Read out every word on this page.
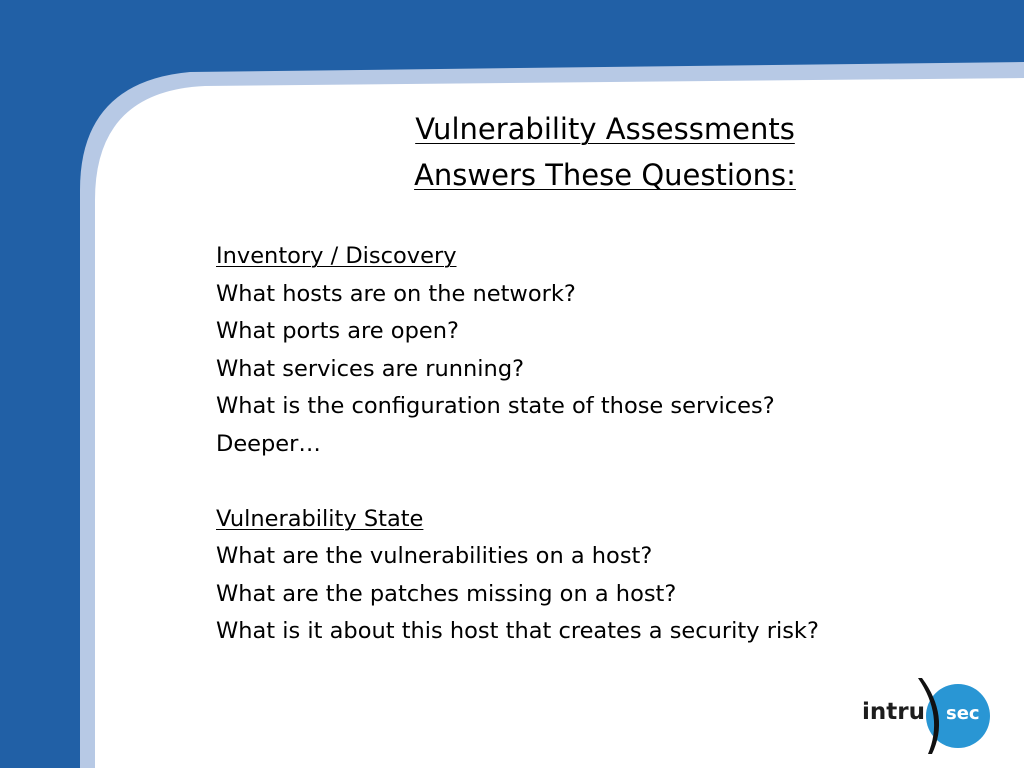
Vulnerability Assessments
Answers These Questions:
Inventory / Discovery
What hosts are on the network?
What ports are open?
What services are running?
What is the configuration state of those services?
Deeper…
Vulnerability State
What are the vulnerabilities on a host?
What are the patches missing on a host?
What is it about this host that creates a security risk?
intru sec
